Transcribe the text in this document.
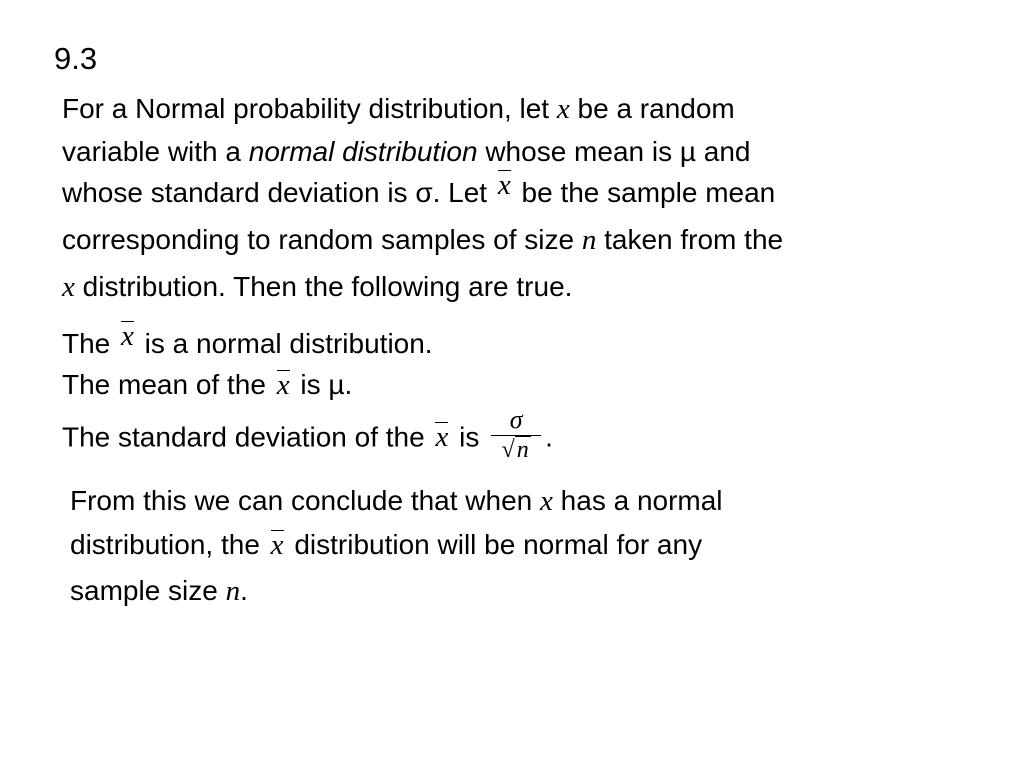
9.3
For a Normal probability distribution, let x be a random
variable with a normal distribution whose mean is µ and
whose standard deviation is σ. Let x be the sample mean
corresponding to random samples of size n taken from the
x distribution. Then the following are true.
The x is a normal distribution.
The mean of the x is µ.
The standard deviation of the x is $\frac{\sigma}{√n}$ .
From this we can conclude that when x has a normal
distribution, the x distribution will be normal for any
sample size n.
